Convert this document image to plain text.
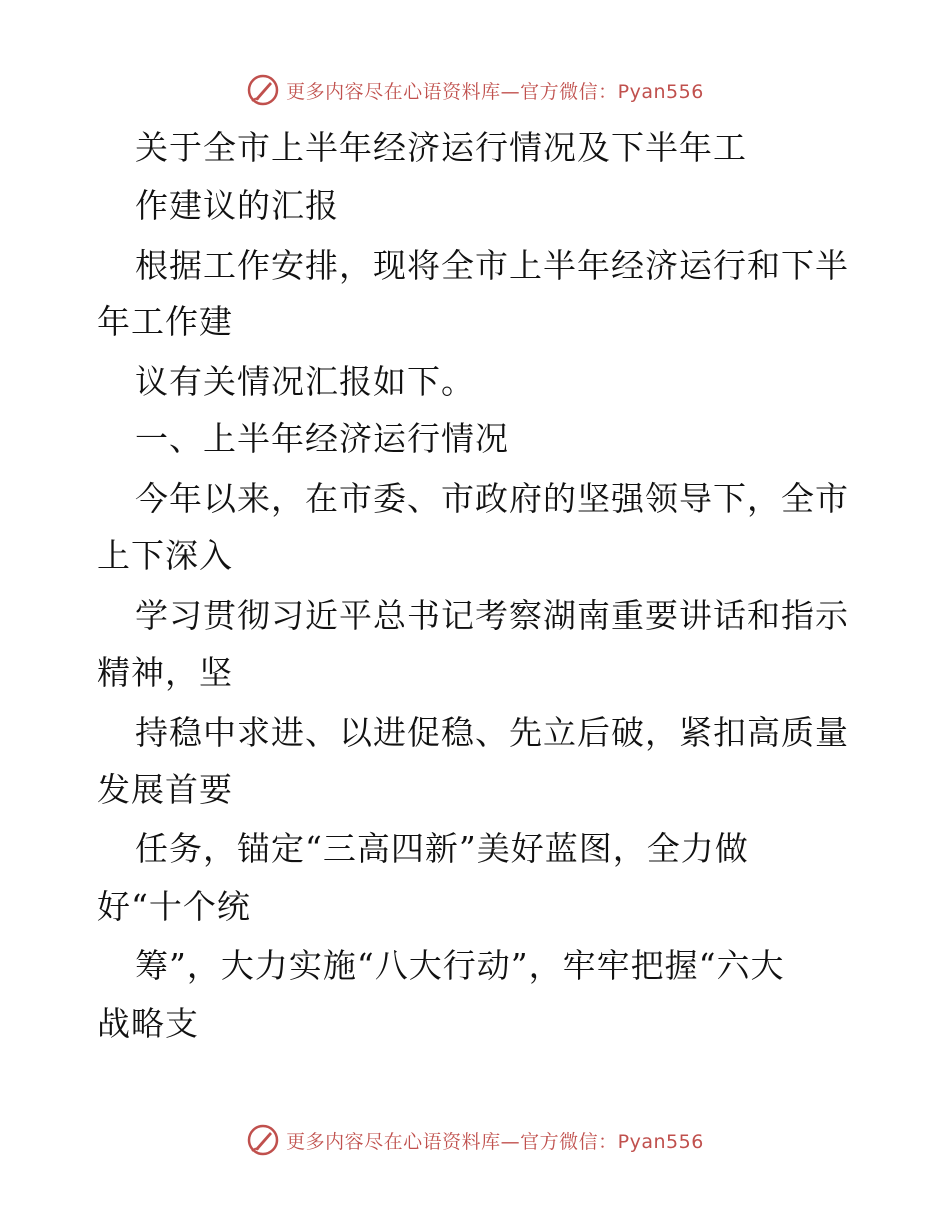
更多内容尽在心语资料库—官方微信：Pyan556
关于全市上半年经济运行情况及下半年工
作建议的汇报
根据工作安排，现将全市上半年经济运行和下半
年工作建
议有关情况汇报如下。
一、上半年经济运行情况
今年以来，在市委、市政府的坚强领导下，全市
上下深入
学习贯彻习近平总书记考察湖南重要讲话和指示
精神，坚
持稳中求进、以进促稳、先立后破，紧扣高质量
发展首要
任务，锚定“三高四新”美好蓝图，全力做
好“十个统
筹”，大力实施“八大行动”，牢牢把握“六大
战略支
更多内容尽在心语资料库—官方微信：Pyan556
